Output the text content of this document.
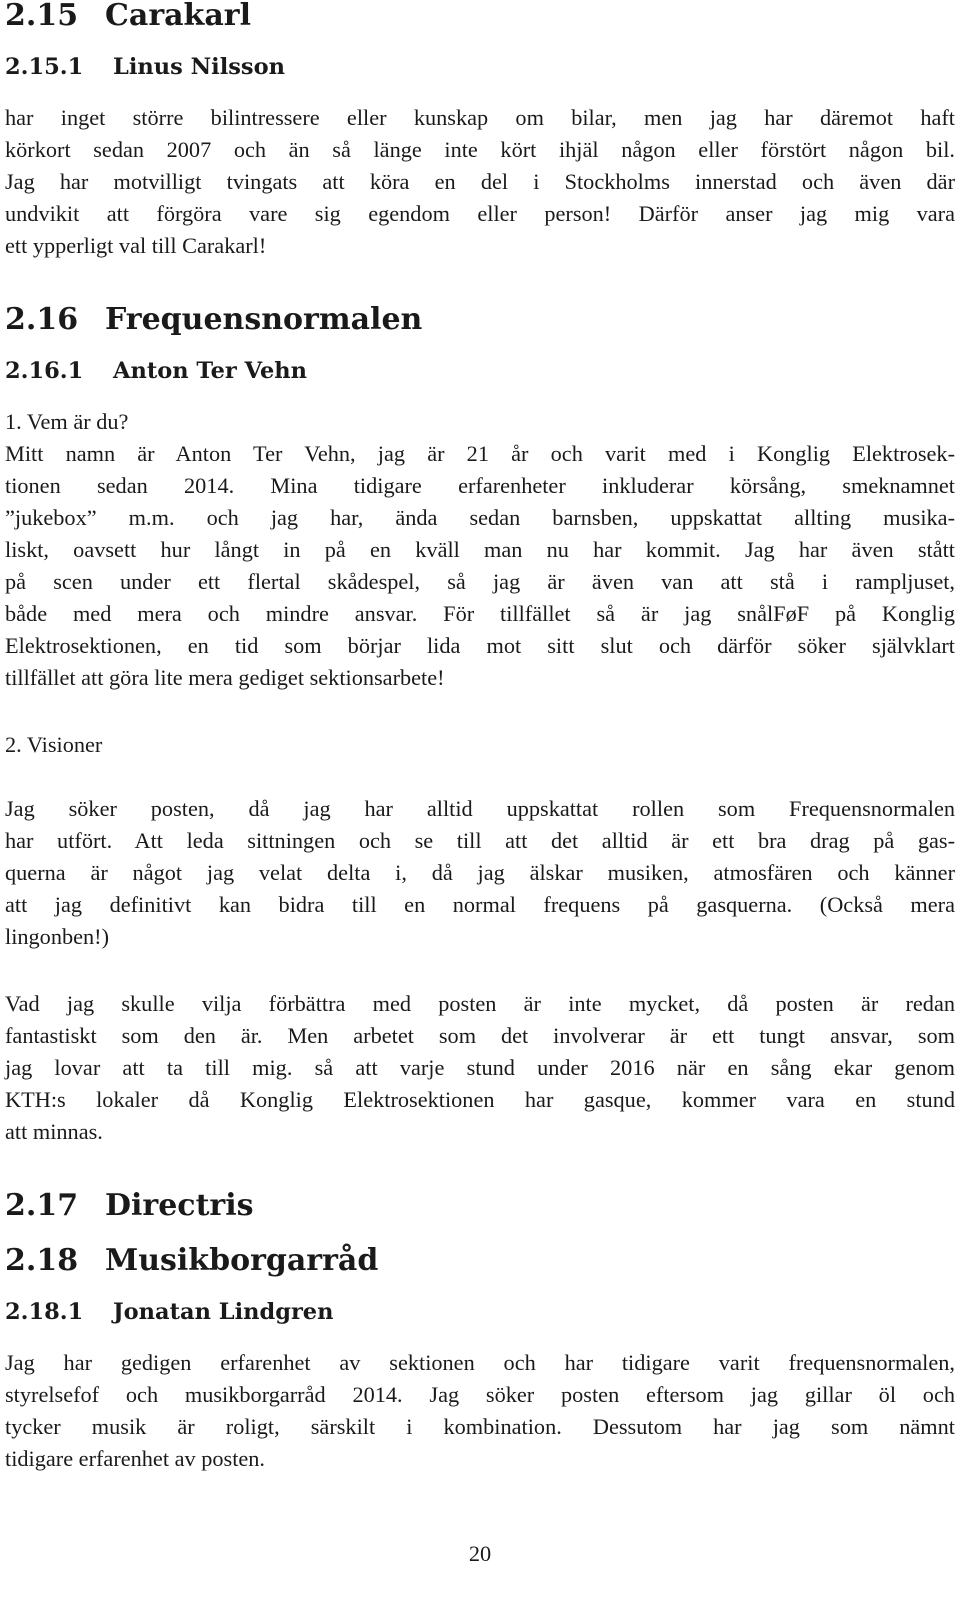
2.15 Carakarl
2.15.1 Linus Nilsson

har inget större bilintressere eller kunskap om bilar, men jag har däremot haft

körkort sedan 2007 och än så länge inte kört ihjäl någon eller förstört någon bil.

Jag har motvilligt tvingats att köra en del i Stockholms innerstad och även där

undvikit att förgöra vare sig egendom eller person! Därför anser jag mig vara

ett ypperligt val till Carakarl!

2.16 Frequensnormalen
2.16.1 Anton Ter Vehn

1. Vem är du?

Mitt namn är Anton Ter Vehn, jag är 21 år och varit med i Konglig Elektrosek-

tionen sedan 2014. Mina tidigare erfarenheter inkluderar körsång, smeknamnet

”jukebox” m.m. och jag har, ända sedan barnsben, uppskattat allting musika-

liskt, oavsett hur långt in på en kväll man nu har kommit. Jag har även stått

på scen under ett flertal skådespel, så jag är även van att stå i rampljuset,

både med mera och mindre ansvar. För tillfället så är jag snålFøF på Konglig

Elektrosektionen, en tid som börjar lida mot sitt slut och därför söker självklart

tillfället att göra lite mera gediget sektionsarbete!

2. Visioner

Jag söker posten, då jag har alltid uppskattat rollen som Frequensnormalen

har utfört. Att leda sittningen och se till att det alltid är ett bra drag på gas-

querna är något jag velat delta i, då jag älskar musiken, atmosfären och känner

att jag definitivt kan bidra till en normal frequens på gasquerna. (Också mera

lingonben!)

Vad jag skulle vilja förbättra med posten är inte mycket, då posten är redan

fantastiskt som den är. Men arbetet som det involverar är ett tungt ansvar, som

jag lovar att ta till mig. så att varje stund under 2016 när en sång ekar genom

KTH:s lokaler då Konglig Elektrosektionen har gasque, kommer vara en stund

att minnas.

2.17 Directris
2.18 Musikborgarråd
2.18.1 Jonatan Lindgren

Jag har gedigen erfarenhet av sektionen och har tidigare varit frequensnormalen,

styrelsefof och musikborgarråd 2014. Jag söker posten eftersom jag gillar öl och

tycker musik är roligt, särskilt i kombination. Dessutom har jag som nämnt

tidigare erfarenhet av posten.

20
